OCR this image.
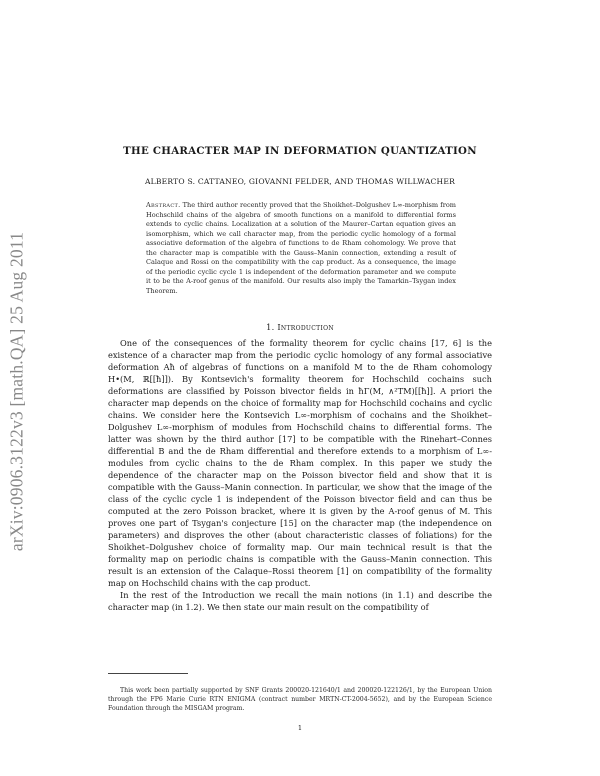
arXiv:0906.3122v3 [math.QA] 25 Aug 2011
THE CHARACTER MAP IN DEFORMATION QUANTIZATION
ALBERTO S. CATTANEO, GIOVANNI FELDER, AND THOMAS WILLWACHER
Abstract. The third author recently proved that the Shoikhet–Dolgushev L∞-morphism from Hochschild chains of the algebra of smooth functions on a manifold to differential forms extends to cyclic chains. Localization at a solution of the Maurer–Cartan equation gives an isomorphism, which we call character map, from the periodic cyclic homology of a formal associative deformation of the algebra of functions to de Rham cohomology. We prove that the character map is compatible with the Gauss–Manin connection, extending a result of Calaque and Rossi on the compatibility with the cap product. As a consequence, the image of the periodic cyclic cycle 1 is independent of the deformation parameter and we compute it to be the A-roof genus of the manifold. Our results also imply the Tamarkin–Tsygan index Theorem.
1. Introduction

One of the consequences of the formality theorem for cyclic chains [17, 6] is the existence of a character map from the periodic cyclic homology of any formal associative deformation Aħ of algebras of functions on a manifold M to the de Rham cohomology H•(M, ℝ[[ħ]]). By Kontsevich's formality theorem for Hochschild cochains such deformations are classified by Poisson bivector fields in ħΓ(M, ∧²TM)[[ħ]]. A priori the character map depends on the choice of formality map for Hochschild cochains and cyclic chains. We consider here the Kontsevich L∞-morphism of cochains and the Shoikhet–Dolgushev L∞-morphism of modules from Hochschild chains to differential forms. The latter was shown by the third author [17] to be compatible with the Rinehart–Connes differential B and the de Rham differential and therefore extends to a morphism of L∞-modules from cyclic chains to the de Rham complex. In this paper we study the dependence of the character map on the Poisson bivector field and show that it is compatible with the Gauss–Manin connection. In particular, we show that the image of the class of the cyclic cycle 1 is independent of the Poisson bivector field and can thus be computed at the zero Poisson bracket, where it is given by the A-roof genus of M. This proves one part of Tsygan's conjecture [15] on the character map (the independence on parameters) and disproves the other (about characteristic classes of foliations) for the Shoikhet–Dolgushev choice of formality map. Our main technical result is that the formality map on periodic chains is compatible with the Gauss–Manin connection. This result is an extension of the Calaque–Rossi theorem [1] on compatibility of the formality map on Hochschild chains with the cap product.

In the rest of the Introduction we recall the main notions (in 1.1) and describe the character map (in 1.2). We then state our main result on the compatibility of

This work been partially supported by SNF Grants 200020-121640/1 and 200020-122126/1, by the European Union through the FP6 Marie Curie RTN ENIGMA (contract number MRTN-CT-2004-5652), and by the European Science Foundation through the MISGAM program.

1
